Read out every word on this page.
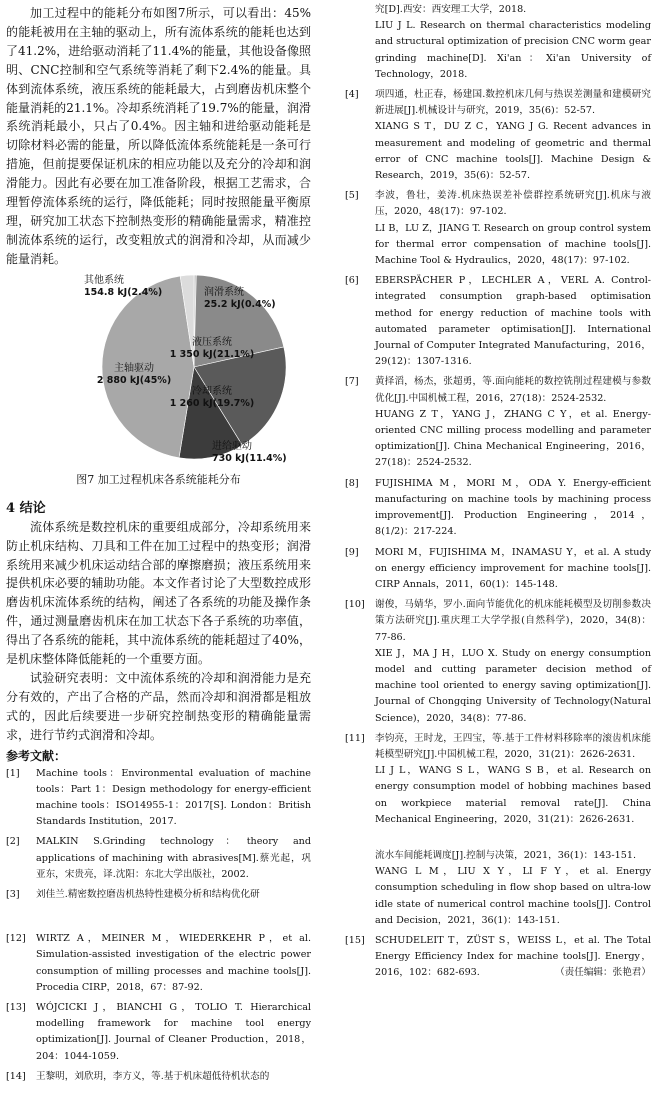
加工过程中的能耗分布如图7所示，可以看出：45%的能耗被用在主轴的驱动上，所有流体系统的能耗也达到了41.2%，进给驱动消耗了11.4%的能量，其他设备像照明、CNC控制和空气系统等消耗了剩下2.4%的能量。具体到流体系统，液压系统的能耗最大，占到磨齿机床整个能量消耗的21.1%。冷却系统消耗了19.7%的能量，润滑系统消耗最小，只占了0.4%。因主轴和进给驱动能耗是切除材料必需的能量，所以降低流体系统能耗是一条可行措施，但前提要保证机床的相应功能以及充分的冷却和润滑能力。因此有必要在加工准备阶段，根据工艺需求，合理暂停流体系统的运行，降低能耗；同时按照能量平衡原理，研究加工状态下控制热变形的精确能量需求，精准控制流体系统的运行，改变粗放式的润滑和冷却，从而减少能量消耗。

润滑系统
25.2 kJ(0.4%)
液压系统
1 350 kJ(21.1%)
冷却系统
1 260 kJ(19.7%)
进给驱动
730 kJ(11.4%)
主轴驱动
2 880 kJ(45%)
其他系统
154.8 kJ(2.4%)

图7 加工过程机床各系统能耗分布

4 结论

流体系统是数控机床的重要组成部分，冷却系统用来防止机床结构、刀具和工件在加工过程中的热变形；润滑系统用来减少机床运动结合部的摩擦磨损；液压系统用来提供机床必要的辅助功能。本文作者讨论了大型数控成形磨齿机床流体系统的结构，阐述了各系统的功能及操作条件，通过测量磨齿机床在加工状态下各子系统的功率值，得出了各系统的能耗，其中流体系统的能耗超过了40%，是机床整体降低能耗的一个重要方面。

试验研究表明：文中流体系统的冷却和润滑能力是充分有效的，产出了合格的产品，然而冷却和润滑都是粗放式的，因此后续要进一步研究控制热变形的精确能量需求，进行节约式润滑和冷却。

参考文献：
[1]	Machine tools：Environmental evaluation of machine tools：Part 1：Design methodology for energy-efficient machine tools：ISO14955-1：2017[S]. London：British Standards Institution，2017.
[2]	MALKIN S.Grinding technology：theory and applications of machining with abrasives[M].蔡光起，巩亚东，宋贵亮，译.沈阳：东北大学出版社，2002.
[3]	刘佳兰.精密数控磨齿机热特性建模分析和结构优化研
[12]	WIRTZ A，MEINER M，WIEDERKEHR P，et al. Simulation-assisted investigation of the electric power consumption of milling processes and machine tools[J]. Procedia CIRP，2018，67：87-92.
[13]	WÓJCICKI J，BIANCHI G，TOLIO T. Hierarchical modelling framework for machine tool energy optimization[J]. Journal of Cleaner Production，2018，204：1044-1059.
[14]	王黎明，刘欣玥，李方义，等.基于机床超低待机状态的
究[D].西安：西安理工大学，2018.
LIU J L. Research on thermal characteristics modeling and structural optimization of precision CNC worm gear grinding machine[D]. Xi'an：Xi'an University of Technology，2018.
[4]	项四通，杜正春，杨建国.数控机床几何与热误差测量和建模研究新进展[J].机械设计与研究，2019，35(6)：52-57.
XIANG S T，DU Z C，YANG J G. Recent advances in measurement and modeling of geometric and thermal error of CNC machine tools[J]. Machine Design & Research，2019，35(6)：52-57.
[5]	李波，鲁壮，姜涛.机床热误差补偿群控系统研究[J].机床与液压，2020，48(17)：97-102.
LI B，LU Z，JIANG T. Research on group control system for thermal error compensation of machine tools[J]. Machine Tool & Hydraulics，2020，48(17)：97-102.
[6]	EBERSPÄCHER P，LECHLER A，VERL A. Control-integrated consumption graph-based optimisation method for energy reduction of machine tools with automated parameter optimisation[J]. International Journal of Computer Integrated Manufacturing，2016，29(12)：1307-1316.
[7]	黄择滔，杨杰，张超勇，等.面向能耗的数控铣削过程建模与参数优化[J].中国机械工程，2016，27(18)：2524-2532.
HUANG Z T，YANG J，ZHANG C Y，et al. Energy-oriented CNC milling process modelling and parameter optimization[J]. China Mechanical Engineering，2016，27(18)：2524-2532.
[8]	FUJISHIMA M，MORI M，ODA Y. Energy-efficient manufacturing on machine tools by machining process improvement[J]. Production Engineering，2014，8(1/2)：217-224.
[9]	MORI M，FUJISHIMA M，INAMASU Y，et al. A study on energy efficiency improvement for machine tools[J]. CIRP Annals，2011，60(1)：145-148.
[10]	谢俊，马婧华，罗小.面向节能优化的机床能耗模型及切削参数决策方法研究[J].重庆理工大学学报(自然科学)，2020，34(8)：77-86.
XIE J，MA J H，LUO X. Study on energy consumption model and cutting parameter decision method of machine tool oriented to energy saving optimization[J]. Journal of Chongqing University of Technology(Natural Science)，2020，34(8)：77-86.
[11]	李钧亮，王时龙，王四宝，等.基于工件材料移除率的滚齿机床能耗模型研究[J].中国机械工程，2020，31(21)：2626-2631.
LI J L，WANG S L，WANG S B，et al. Research on energy consumption model of hobbing machines based on workpiece material removal rate[J]. China Mechanical Engineering，2020，31(21)：2626-2631.
流水车间能耗调度[J].控制与决策，2021，36(1)：143-151.
WANG L M，LIU X Y，LI F Y，et al. Energy consumption scheduling in flow shop based on ultra-low idle state of numerical control machine tools[J]. Control and Decision，2021，36(1)：143-151.
[15]	SCHUDELEIT T，ZÜST S，WEISS L，et al. The Total Energy Efficiency Index for machine tools[J]. Energy，2016，102：682-693.	（责任编辑：张艳君）
